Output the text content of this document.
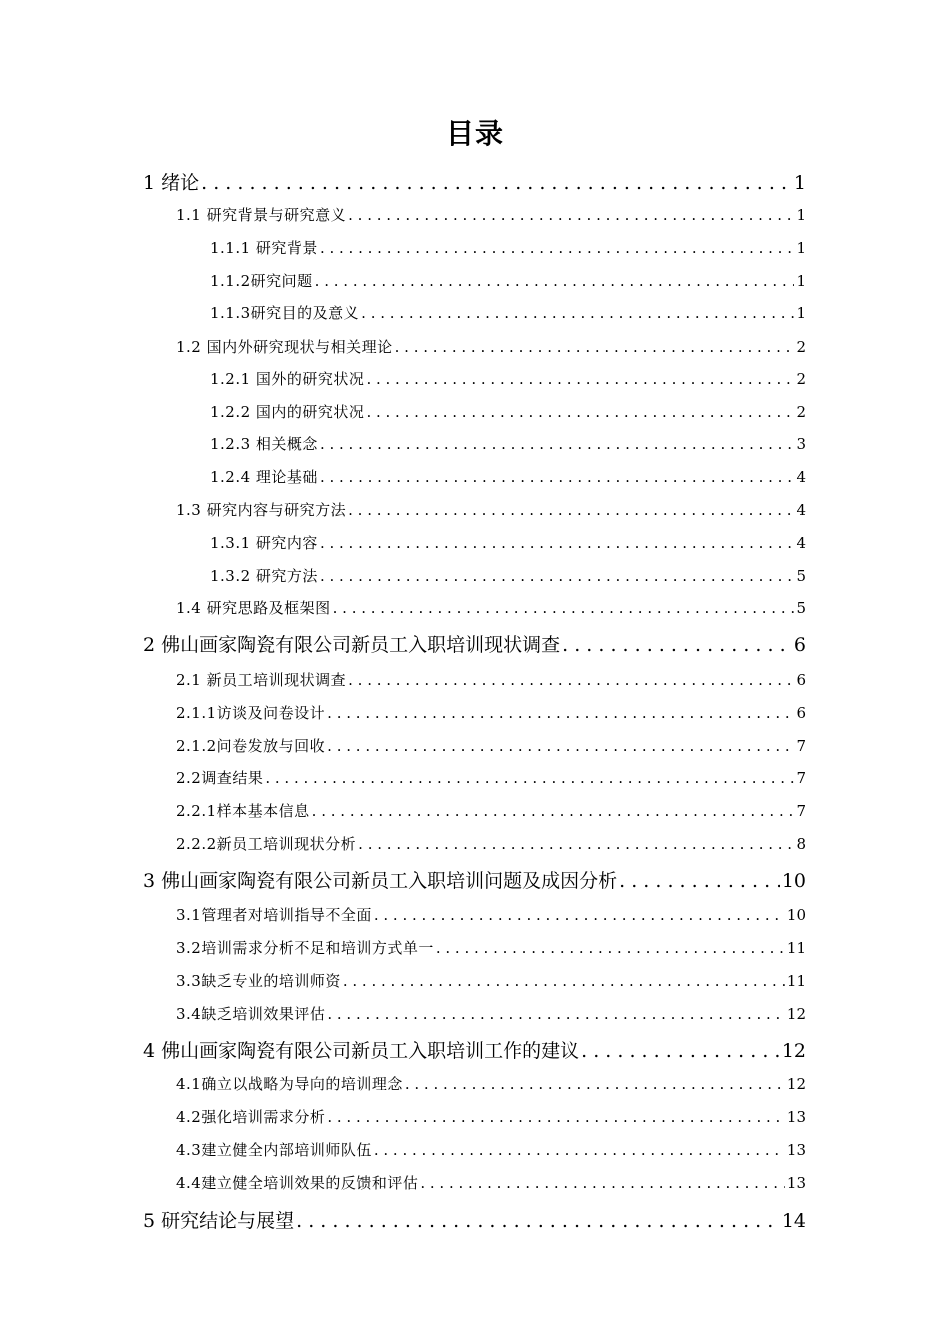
目录
1 绪论 . . .	1
1.1 研究背景与研究意义 . . .	1
1.1.1 研究背景 . . .	1
1.1.2研究问题 . . .	1
1.1.3研究目的及意义 . . .	1
1.2 国内外研究现状与相关理论 . . .	2
1.2.1 国外的研究状况 . . .	2
1.2.2 国内的研究状况 . . .	2
1.2.3 相关概念 . . .	3
1.2.4 理论基础 . . .	4
1.3 研究内容与研究方法 . . .	4
1.3.1 研究内容 . . .	4
1.3.2 研究方法 . . .	5
1.4 研究思路及框架图 . . .	5
2 佛山画家陶瓷有限公司新员工入职培训现状调查 . . .	6
2.1 新员工培训现状调查 . . .	6
2.1.1访谈及问卷设计 . . .	6
2.1.2问卷发放与回收 . . .	7
2.2调查结果 . . .	7
2.2.1样本基本信息 . . .	7
2.2.2新员工培训现状分析 . . .	8
3 佛山画家陶瓷有限公司新员工入职培训问题及成因分析 . . .	10
3.1管理者对培训指导不全面 . . .	10
3.2培训需求分析不足和培训方式单一 . . .	11
3.3缺乏专业的培训师资 . . .	11
3.4缺乏培训效果评估 . . .	12
4 佛山画家陶瓷有限公司新员工入职培训工作的建议 . . .	12
4.1确立以战略为导向的培训理念 . . .	12
4.2强化培训需求分析 . . .	13
4.3建立健全内部培训师队伍 . . .	13
4.4建立健全培训效果的反馈和评估 . . .	13
5 研究结论与展望 . . .	14
